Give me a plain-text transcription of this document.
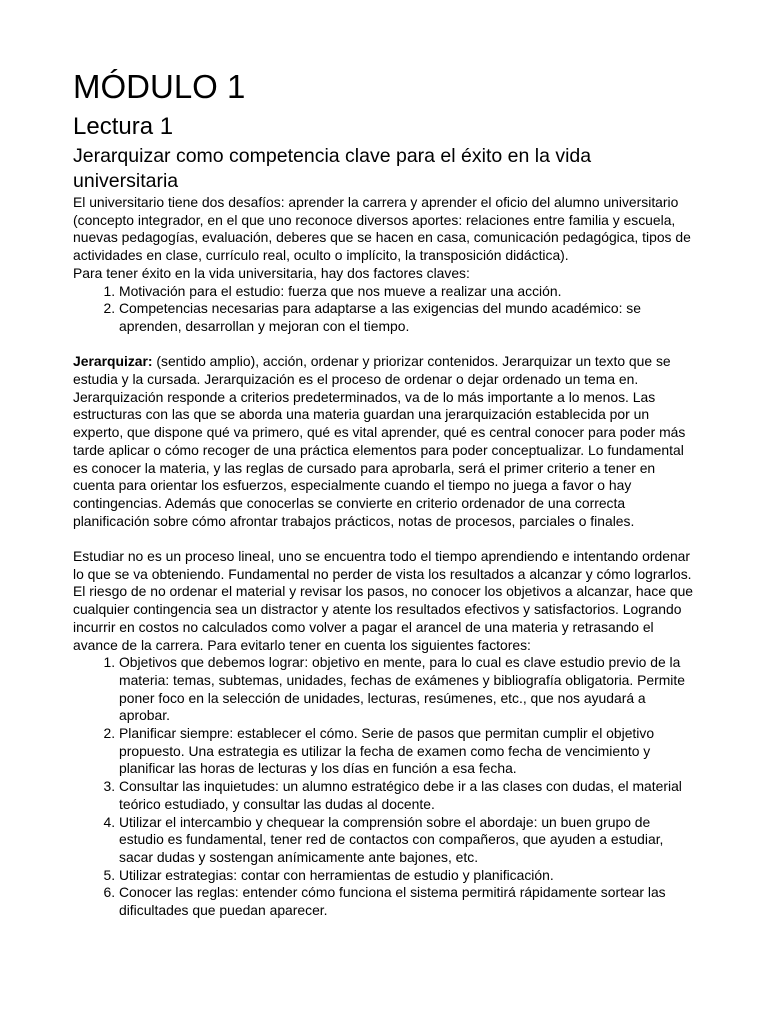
MÓDULO 1
Lectura 1
Jerarquizar como competencia clave para el éxito en la vida universitaria

El universitario tiene dos desafíos: aprender la carrera y aprender el oficio del alumno universitario (concepto integrador, en el que uno reconoce diversos aportes: relaciones entre familia y escuela, nuevas pedagogías, evaluación, deberes que se hacen en casa, comunicación pedagógica, tipos de actividades en clase, currículo real, oculto o implícito, la transposición didáctica).

Para tener éxito en la vida universitaria, hay dos factores claves:

1. Motivación para el estudio: fuerza que nos mueve a realizar una acción.
2. Competencias necesarias para adaptarse a las exigencias del mundo académico: se aprenden, desarrollan y mejoran con el tiempo.

Jerarquizar: (sentido amplio), acción, ordenar y priorizar contenidos. Jerarquizar un texto que se estudia y la cursada. Jerarquización es el proceso de ordenar o dejar ordenado un tema en. Jerarquización responde a criterios predeterminados, va de lo más importante a lo menos. Las estructuras con las que se aborda una materia guardan una jerarquización establecida por un experto, que dispone qué va primero, qué es vital aprender, qué es central conocer para poder más tarde aplicar o cómo recoger de una práctica elementos para poder conceptualizar. Lo fundamental es conocer la materia, y las reglas de cursado para aprobarla, será el primer criterio a tener en cuenta para orientar los esfuerzos, especialmente cuando el tiempo no juega a favor o hay contingencias. Además que conocerlas se convierte en criterio ordenador de una correcta planificación sobre cómo afrontar trabajos prácticos, notas de procesos, parciales o finales.

Estudiar no es un proceso lineal, uno se encuentra todo el tiempo aprendiendo e intentando ordenar lo que se va obteniendo. Fundamental no perder de vista los resultados a alcanzar y cómo lograrlos.

El riesgo de no ordenar el material y revisar los pasos, no conocer los objetivos a alcanzar, hace que cualquier contingencia sea un distractor y atente los resultados efectivos y satisfactorios. Logrando incurrir en costos no calculados como volver a pagar el arancel de una materia y retrasando el avance de la carrera. Para evitarlo tener en cuenta los siguientes factores:

1. Objetivos que debemos lograr: objetivo en mente, para lo cual es clave estudio previo de la materia: temas, subtemas, unidades, fechas de exámenes y bibliografía obligatoria. Permite poner foco en la selección de unidades, lecturas, resúmenes, etc., que nos ayudará a aprobar.
2. Planificar siempre: establecer el cómo. Serie de pasos que permitan cumplir el objetivo propuesto. Una estrategia es utilizar la fecha de examen como fecha de vencimiento y planificar las horas de lecturas y los días en función a esa fecha.
3. Consultar las inquietudes: un alumno estratégico debe ir a las clases con dudas, el material teórico estudiado, y consultar las dudas al docente.
4. Utilizar el intercambio y chequear la comprensión sobre el abordaje: un buen grupo de estudio es fundamental, tener red de contactos con compañeros, que ayuden a estudiar, sacar dudas y sostengan anímicamente ante bajones, etc.
5. Utilizar estrategias: contar con herramientas de estudio y planificación.
6. Conocer las reglas: entender cómo funciona el sistema permitirá rápidamente sortear las dificultades que puedan aparecer.
